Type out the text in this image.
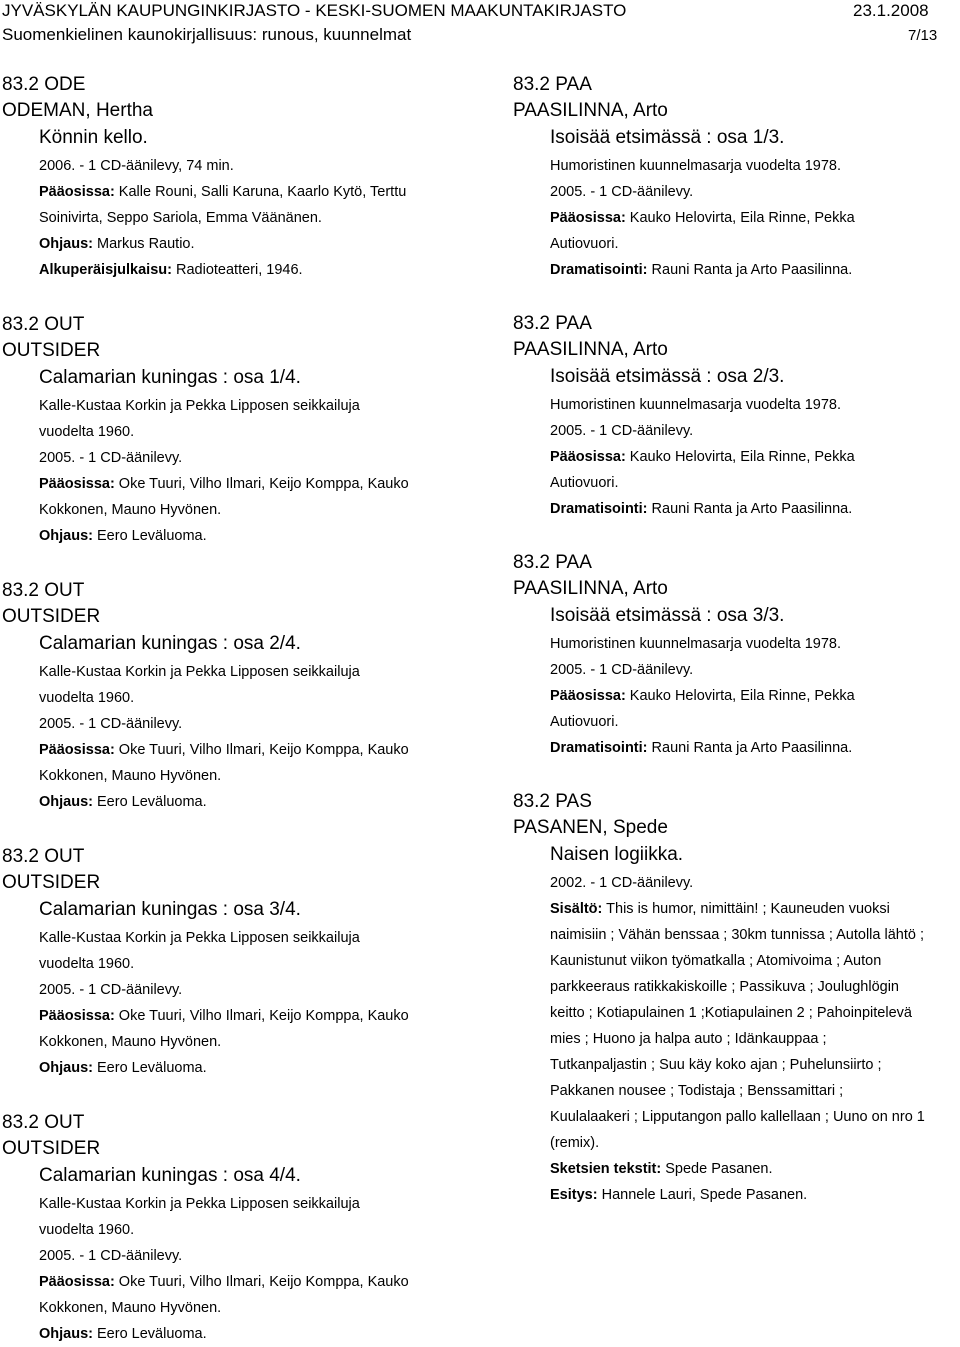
JYVÄSKYLÄN KAUPUNGINKIRJASTO - KESKI-SUOMEN MAAKUNTAKIRJASTO	23.1.2008
Suomenkielinen kaunokirjallisuus: runous, kuunnelmat	7/13
83.2 ODE
ODEMAN, Hertha
Könnin kello.
2006. - 1 CD-äänilevy, 74 min.
Pääosissa: Kalle Rouni, Salli Karuna, Kaarlo Kytö, Terttu
Soinivirta, Seppo Sariola, Emma Väänänen.
Ohjaus: Markus Rautio.
Alkuperäisjulkaisu: Radioteatteri, 1946.
83.2 OUT
OUTSIDER
Calamarian kuningas : osa 1/4.
Kalle-Kustaa Korkin ja Pekka Lipposen seikkailuja
vuodelta 1960.
2005. - 1 CD-äänilevy.
Pääosissa: Oke Tuuri, Vilho Ilmari, Keijo Komppa, Kauko
Kokkonen, Mauno Hyvönen.
Ohjaus: Eero Leväluoma.
83.2 OUT
OUTSIDER
Calamarian kuningas : osa 2/4.
Kalle-Kustaa Korkin ja Pekka Lipposen seikkailuja
vuodelta 1960.
2005. - 1 CD-äänilevy.
Pääosissa: Oke Tuuri, Vilho Ilmari, Keijo Komppa, Kauko
Kokkonen, Mauno Hyvönen.
Ohjaus: Eero Leväluoma.
83.2 OUT
OUTSIDER
Calamarian kuningas : osa 3/4.
Kalle-Kustaa Korkin ja Pekka Lipposen seikkailuja
vuodelta 1960.
2005. - 1 CD-äänilevy.
Pääosissa: Oke Tuuri, Vilho Ilmari, Keijo Komppa, Kauko
Kokkonen, Mauno Hyvönen.
Ohjaus: Eero Leväluoma.
83.2 OUT
OUTSIDER
Calamarian kuningas : osa 4/4.
Kalle-Kustaa Korkin ja Pekka Lipposen seikkailuja
vuodelta 1960.
2005. - 1 CD-äänilevy.
Pääosissa: Oke Tuuri, Vilho Ilmari, Keijo Komppa, Kauko
Kokkonen, Mauno Hyvönen.
Ohjaus: Eero Leväluoma.
83.2 PAA
PAASILINNA, Arto
Isoisää etsimässä : osa 1/3.
Humoristinen kuunnelmasarja vuodelta 1978.
2005. - 1 CD-äänilevy.
Pääosissa: Kauko Helovirta, Eila Rinne, Pekka
Autiovuori.
Dramatisointi: Rauni Ranta ja Arto Paasilinna.
83.2 PAA
PAASILINNA, Arto
Isoisää etsimässä : osa 2/3.
Humoristinen kuunnelmasarja vuodelta 1978.
2005. - 1 CD-äänilevy.
Pääosissa: Kauko Helovirta, Eila Rinne, Pekka
Autiovuori.
Dramatisointi: Rauni Ranta ja Arto Paasilinna.
83.2 PAA
PAASILINNA, Arto
Isoisää etsimässä : osa 3/3.
Humoristinen kuunnelmasarja vuodelta 1978.
2005. - 1 CD-äänilevy.
Pääosissa: Kauko Helovirta, Eila Rinne, Pekka
Autiovuori.
Dramatisointi: Rauni Ranta ja Arto Paasilinna.
83.2 PAS
PASANEN, Spede
Naisen logiikka.
2002. - 1 CD-äänilevy.
Sisältö: This is humor, nimittäin! ; Kauneuden vuoksi
naimisiin ; Vähän benssaa ; 30km tunnissa ; Autolla lähtö ;
Kaunistunut viikon työmatkalla ; Atomivoima ; Auton
parkkeeraus ratikkakiskoille ; Passikuva ; Joulughlögin
keitto ; Kotiapulainen 1 ;Kotiapulainen 2 ; Pahoinpitelevä
mies ; Huono ja halpa auto ; Idänkauppaa ;
Tutkanpaljastin ; Suu käy koko ajan ; Puhelunsiirto ;
Pakkanen nousee ; Todistaja ; Benssamittari ;
Kuulalaakeri ; Lipputangon pallo kallellaan ; Uuno on nro 1
(remix).
Sketsien tekstit: Spede Pasanen.
Esitys: Hannele Lauri, Spede Pasanen.
